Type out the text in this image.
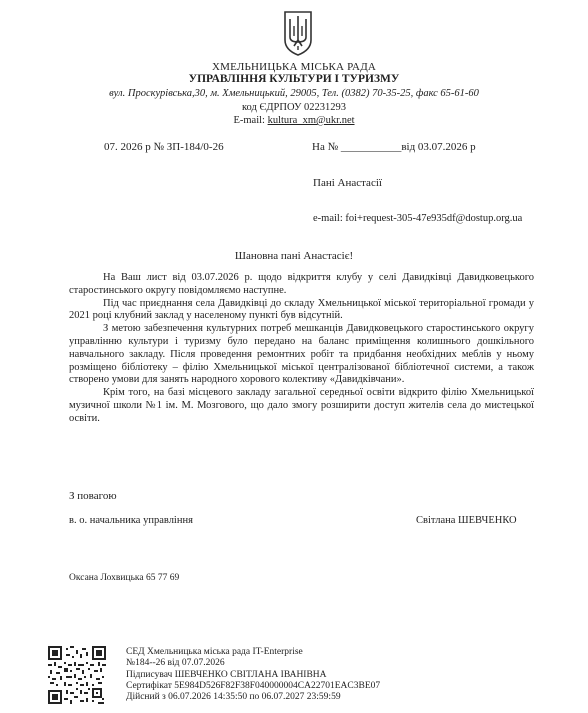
ХМЕЛЬНИЦЬКА МІСЬКА РАДА
УПРАВЛІННЯ КУЛЬТУРИ І ТУРИЗМУ
вул. Проскурівська,30, м. Хмельницький, 29005, Тел. (0382) 70-35-25, факс 65-61-60
код ЄДРПОУ 02231293
E-mail: kultura_xm@ukr.net
07. 2026 р № ЗП-184/0-26	На № ___________від 03.07.2026 р
Пані Анастасії
e-mail: foi+request-305-47e935df@dostup.org.ua
Шановна пані Анастасіє!

На Ваш лист від 03.07.2026 р. щодо відкриття клубу у селі Давидківці Давидковецького старостинського округу повідомляємо наступне.

Під час приєднання села Давидківці до складу Хмельницької міської територіальної громади у 2021 році клубний заклад у населеному пункті був відсутній.

З метою забезпечення культурних потреб мешканців Давидковецького старостинського округу управлінню культури і туризму було передано на баланс приміщення колишнього дошкільного навчального закладу. Після проведення ремонтних робіт та придбання необхідних меблів у ньому розміщено бібліотеку – філію Хмельницької міської централізованої бібліотечної системи, а також створено умови для занять народного хорового колективу «Давидківчани».

Крім того, на базі місцевого закладу загальної середньої освіти відкрито філію Хмельницької музичної школи №1 ім. М. Мозгового, що дало змогу розширити доступ жителів села до мистецької освіти.

З повагою
в. о. начальника управління	Світлана ШЕВЧЕНКО
Оксана Лохвицька 65 77 69
СЕД Хмельницька міська рада IT-Enterprise
№184--26 від 07.07.2026
Підписувач ШЕВЧЕНКО СВІТЛАНА ІВАНІВНА
Сертифікат 5E984D526F82F38F040000004CA22701EAC3BE07
Дійсний з 06.07.2026 14:35:50 по 06.07.2027 23:59:59
